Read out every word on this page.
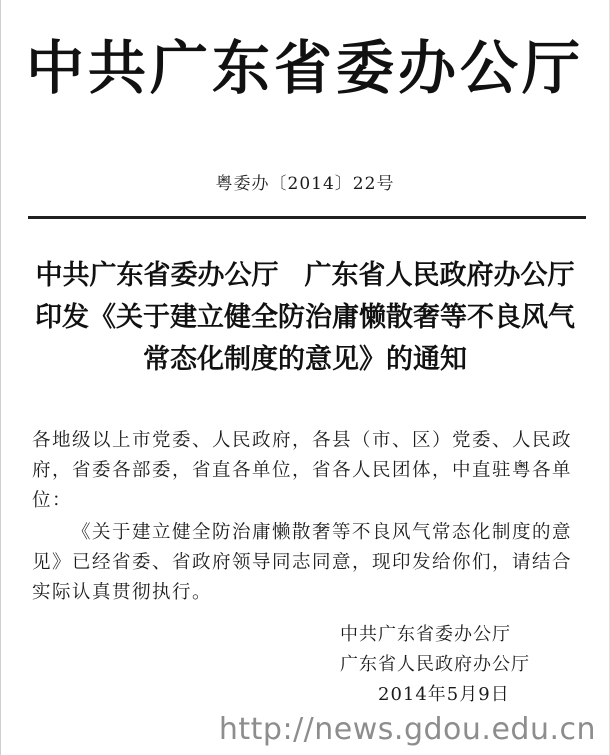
中共广东省委办公厅
粤委办〔2014〕22号
中共广东省委办公厅 广东省人民政府办公厅
印发《关于建立健全防治庸懒散奢等不良风气
常态化制度的意见》的通知

各地级以上市党委、人民政府，各县（市、区）党委、人民政府，省委各部委，省直各单位，省各人民团体，中直驻粤各单位：

《关于建立健全防治庸懒散奢等不良风气常态化制度的意见》已经省委、省政府领导同志同意，现印发给你们，请结合实际认真贯彻执行。

中共广东省委办公厅
广东省人民政府办公厅
2014年5月9日
http://news.gdou.edu.cn
